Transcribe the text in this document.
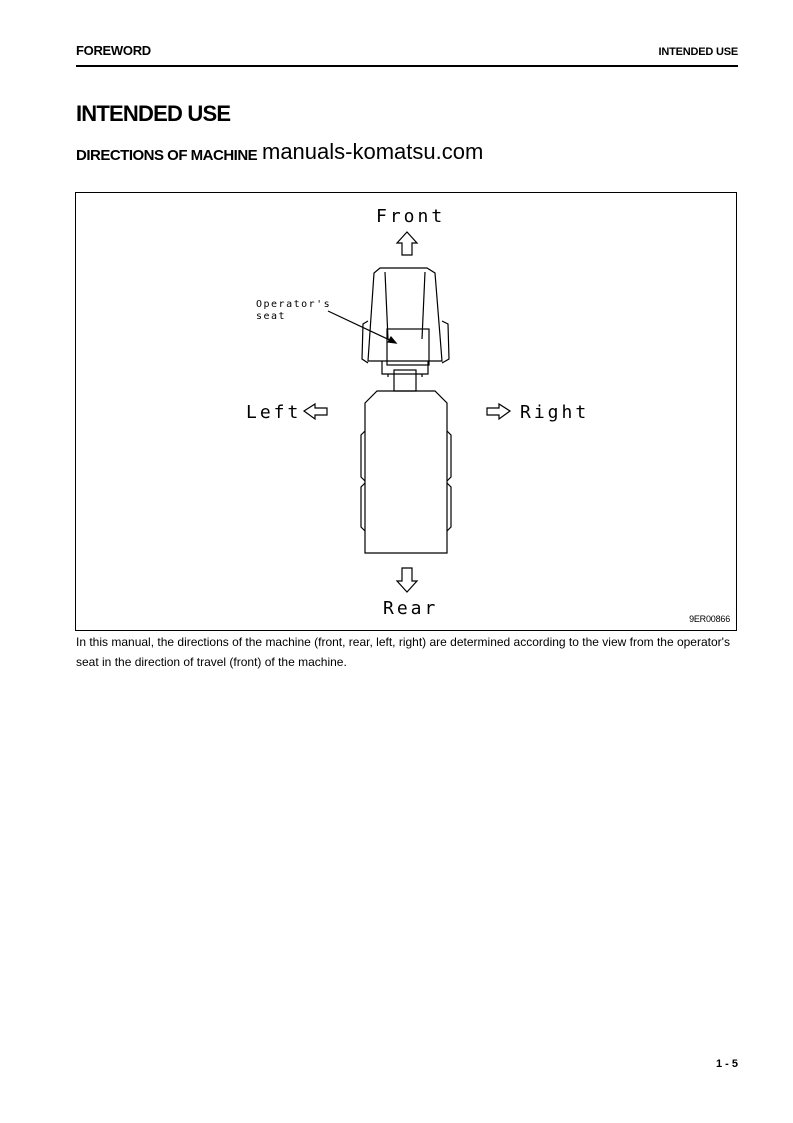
FOREWORD	INTENDED USE
INTENDED USE
DIRECTIONS OF MACHINE manuals-komatsu.com
Front
Rear
Left	Right
Operator's
seat
9ER00866

In this manual, the directions of the machine (front, rear, left, right) are determined according to the view from the operator's seat in the direction of travel (front) of the machine.

1 - 5
